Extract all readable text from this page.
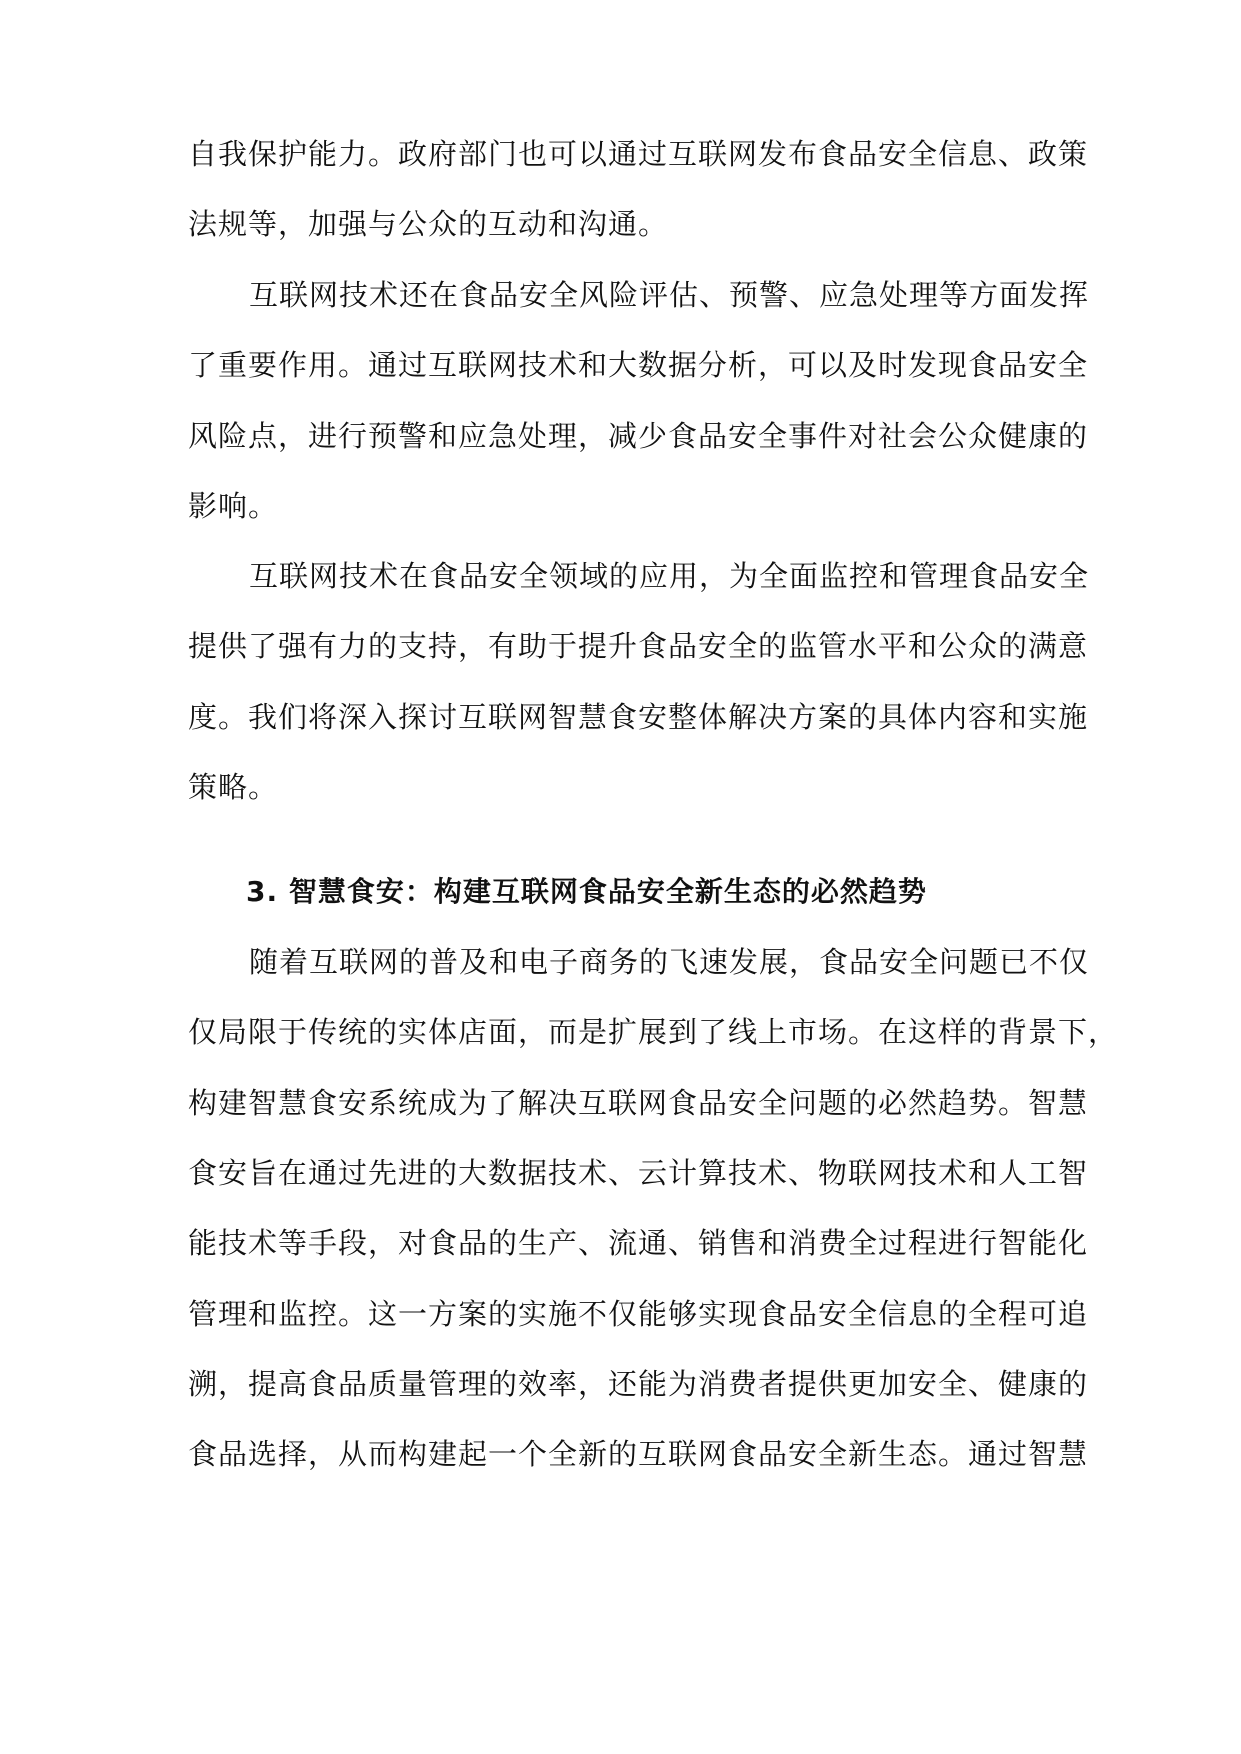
自我保护能力。政府部门也可以通过互联网发布食品安全信息、政策
法规等，加强与公众的互动和沟通。
互联网技术还在食品安全风险评估、预警、应急处理等方面发挥
了重要作用。通过互联网技术和大数据分析，可以及时发现食品安全
风险点，进行预警和应急处理，减少食品安全事件对社会公众健康的
影响。
互联网技术在食品安全领域的应用，为全面监控和管理食品安全
提供了强有力的支持，有助于提升食品安全的监管水平和公众的满意
度。我们将深入探讨互联网智慧食安整体解决方案的具体内容和实施
策略。
3. 智慧食安：构建互联网食品安全新生态的必然趋势
随着互联网的普及和电子商务的飞速发展，食品安全问题已不仅
仅局限于传统的实体店面，而是扩展到了线上市场。在这样的背景下，
构建智慧食安系统成为了解决互联网食品安全问题的必然趋势。智慧
食安旨在通过先进的大数据技术、云计算技术、物联网技术和人工智
能技术等手段，对食品的生产、流通、销售和消费全过程进行智能化
管理和监控。这一方案的实施不仅能够实现食品安全信息的全程可追
溯，提高食品质量管理的效率，还能为消费者提供更加安全、健康的
食品选择，从而构建起一个全新的互联网食品安全新生态。通过智慧
